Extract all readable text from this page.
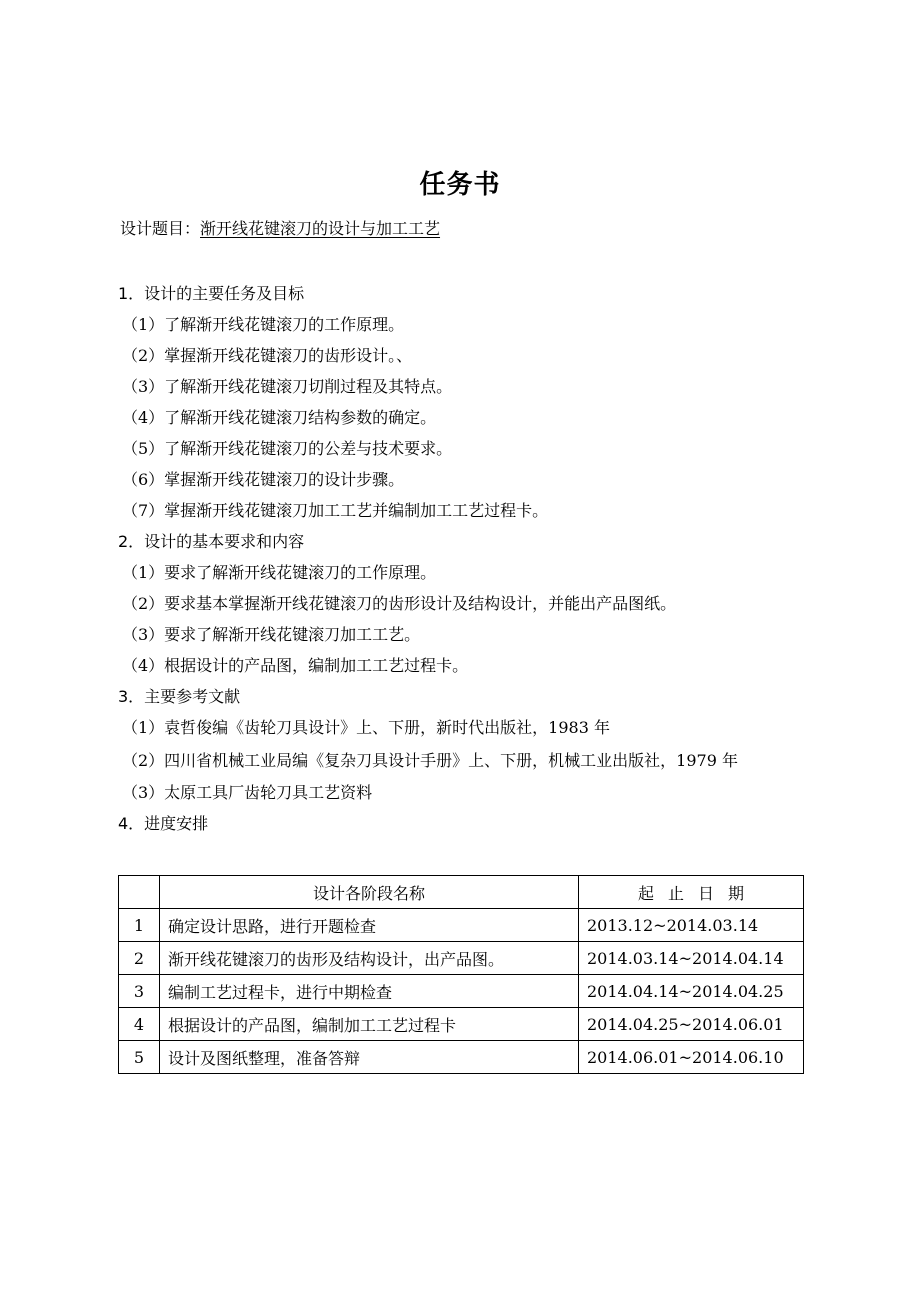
任务书
设计题目：渐开线花键滚刀的设计与加工工艺
1．设计的主要任务及目标
（1）了解渐开线花键滚刀的工作原理。
（2）掌握渐开线花键滚刀的齿形设计。、
（3）了解渐开线花键滚刀切削过程及其特点。
（4）了解渐开线花键滚刀结构参数的确定。
（5）了解渐开线花键滚刀的公差与技术要求。
（6）掌握渐开线花键滚刀的设计步骤。
（7）掌握渐开线花键滚刀加工工艺并编制加工工艺过程卡。
2．设计的基本要求和内容
（1）要求了解渐开线花键滚刀的工作原理。
（2）要求基本掌握渐开线花键滚刀的齿形设计及结构设计，并能出产品图纸。
（3）要求了解渐开线花键滚刀加工工艺。
（4）根据设计的产品图，编制加工工艺过程卡。
3．主要参考文献
（1）袁哲俊编《齿轮刀具设计》上、下册，新时代出版社，1983 年
（2）四川省机械工业局编《复杂刀具设计手册》上、下册，机械工业出版社，1979 年
（3）太原工具厂齿轮刀具工艺资料
4．进度安排
	设计各阶段名称	起止日期
1	确定设计思路，进行开题检查	2013.12~2014.03.14
2	渐开线花键滚刀的齿形及结构设计，出产品图。	2014.03.14~2014.04.14
3	编制工艺过程卡，进行中期检查	2014.04.14~2014.04.25
4	根据设计的产品图，编制加工工艺过程卡	2014.04.25~2014.06.01
5	设计及图纸整理，准备答辩	2014.06.01~2014.06.10
